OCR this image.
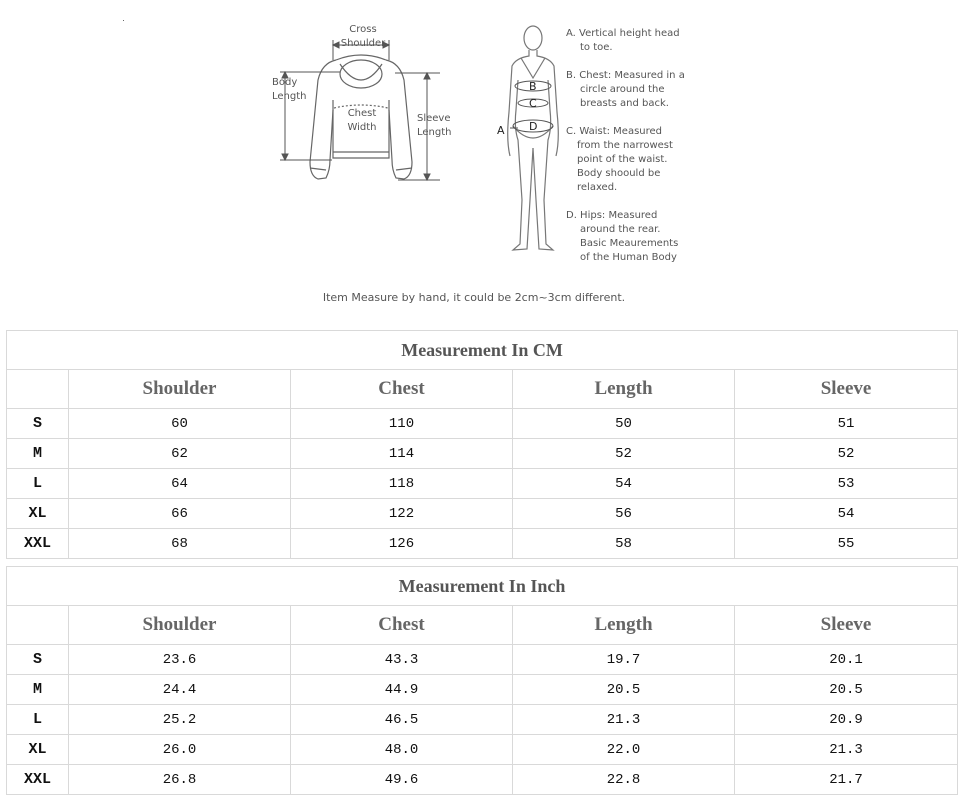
Cross
Shoulder
Body
Length
Chest
Width
Sleeve
Length	A
B
C
D
A. Vertical height head
to toe.
B. Chest: Measured in a
circle around the
breasts and back.
C. Waist: Measured
from the narrowest
point of the waist.
Body shoould be
relaxed.
D. Hips: Measured
around the rear.
Basic Meaurements
of the Human Body
Item Measure by hand, it could be 2cm~3cm different.
Measurement In CM				
	Shoulder	Chest	Length	Sleeve
S	60	110	50	51
M	62	114	52	52
L	64	118	54	53
XL	66	122	56	54
XXL	68	126	58	55
Measurement In Inch				
	Shoulder	Chest	Length	Sleeve
S	23.6	43.3	19.7	20.1
M	24.4	44.9	20.5	20.5
L	25.2	46.5	21.3	20.9
XL	26.0	48.0	22.0	21.3
XXL	26.8	49.6	22.8	21.7
